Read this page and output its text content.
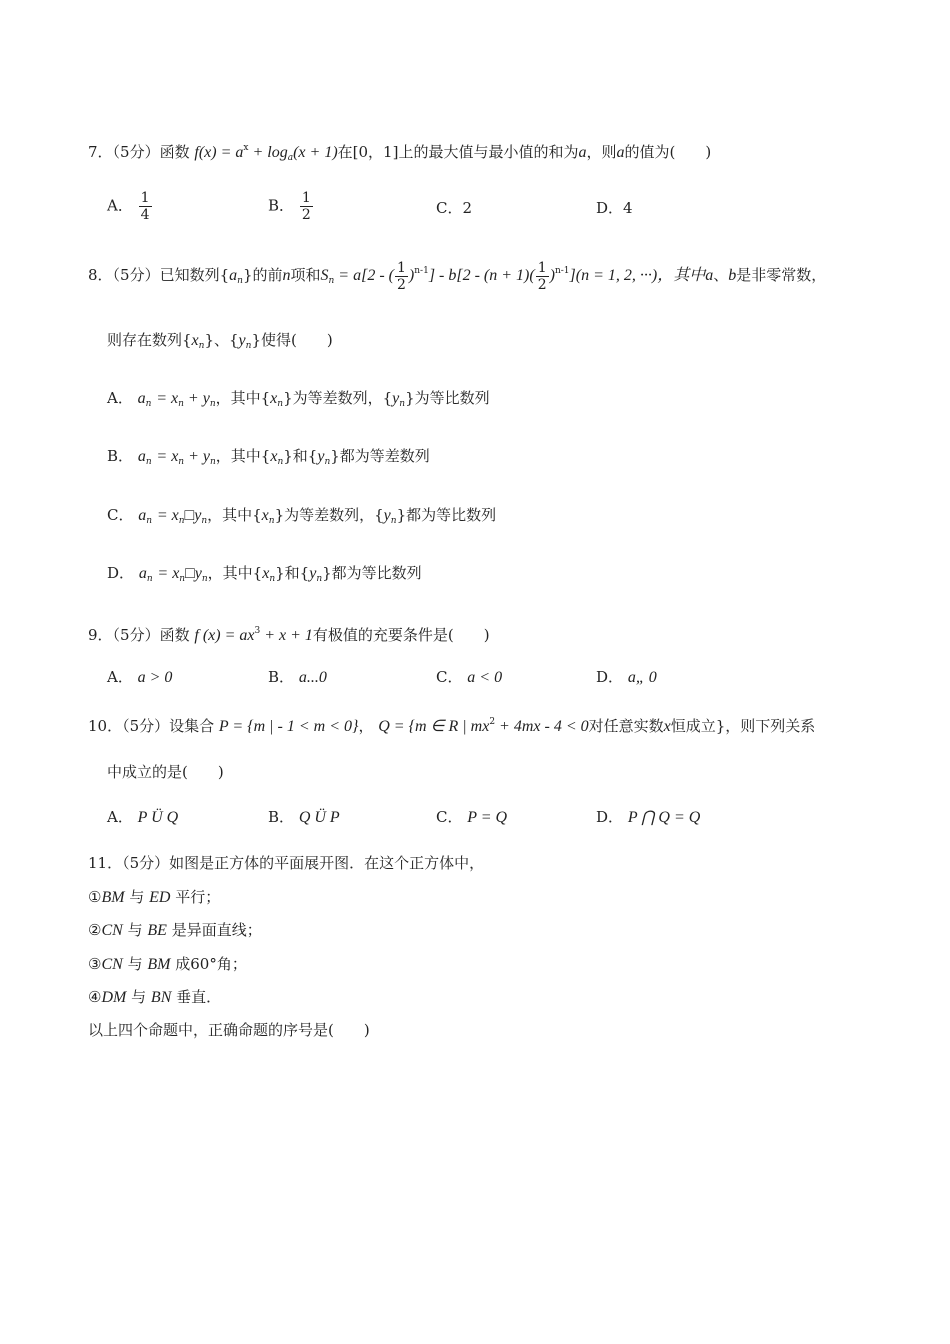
7．（5分）函数 $f(x) = a^x + \log_a(x + 1)$在[0，1]上的最大值与最小值的和为a，则a的值为(　　)
A． $\frac{1}{4}$	B． $\frac{1}{2}$	C．2	D．4
8．（5分）已知数列$\{a_n\}$的前n项和$S_n = a[2$ - ( $\frac{1}{2} )^{n-1}] - b[2 - (n + 1)( \frac{1}{2} )^{n-1}](n = 1$, 2, ···)，其中a、b是非零常数，
则存在数列$\{x_n\}$、$\{y_n\}$使得(　　)
A． $a_n = x_n + y_n$，其中$\{x_n\}$为等差数列，$\{y_n\}$为等比数列
B． $a_n = x_n + y_n$，其中$\{x_n\}$和$\{y_n\}$都为等差数列
C． $a_n$ = $x_n□y_n$，其中$\{x_n\}$为等差数列，$\{y_n\}$都为等比数列
D． $a_n$ = $x_n□y_n$，其中$\{x_n\}$和$\{y_n\}$都为等比数列
9．（5分）函数 f $(x) = ax^3 + x + 1$有极值的充要条件是(　　)
A． a > 0	B． a...0	C． a < 0	D． a„ 0
10．（5分）设集合 P = {m | - 1 < m < 0}， Q = {m ∈ R | $mx^2 + 4mx - 4 < 0$对任意实数x恒成立}，则下列关系
中成立的是(　　)
A． P Ü Q	B． Q Ü P	C． P = Q	D． P ⋂ Q = Q
11．（5分）如图是正方体的平面展开图．在这个正方体中，
①BM 与 ED 平行；
②CN 与 BE 是异面直线；
③CN 与 BM 成60°角；
④DM 与 BN 垂直．
以上四个命题中，正确命题的序号是(　　)
